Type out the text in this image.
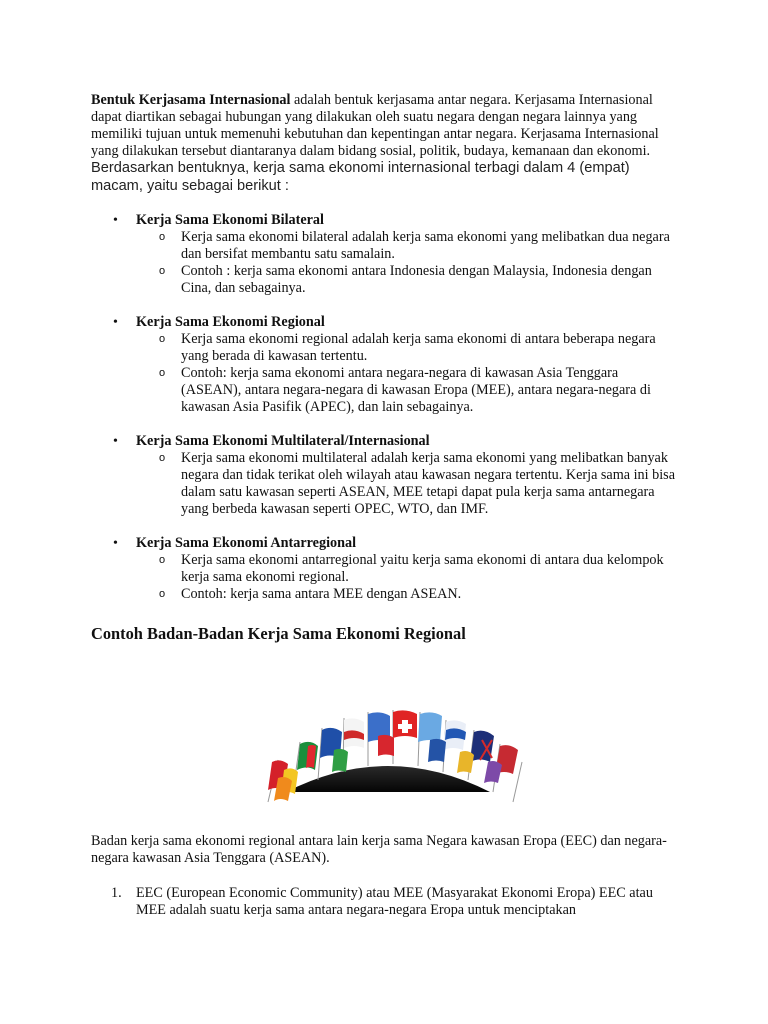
Bentuk Kerjasama Internasional adalah bentuk kerjasama antar negara. Kerjasama Internasional dapat diartikan sebagai hubungan yang dilakukan oleh suatu negara dengan negara lainnya yang memiliki tujuan untuk memenuhi kebutuhan dan kepentingan antar negara. Kerjasama Internasional yang dilakukan tersebut diantaranya dalam bidang sosial, politik, budaya, kemanaan dan ekonomi.

Berdasarkan bentuknya, kerja sama ekonomi internasional terbagi dalam 4 (empat) macam, yaitu sebagai berikut :

• Kerja Sama Ekonomi Bilateral
o Kerja sama ekonomi bilateral adalah kerja sama ekonomi yang melibatkan dua negara dan bersifat membantu satu samalain.
o Contoh : kerja sama ekonomi antara Indonesia dengan Malaysia, Indonesia dengan Cina, dan sebagainya.
• Kerja Sama Ekonomi Regional
o Kerja sama ekonomi regional adalah kerja sama ekonomi di antara beberapa negara yang berada di kawasan tertentu.
o Contoh: kerja sama ekonomi antara negara-negara di kawasan Asia Tenggara (ASEAN), antara negara-negara di kawasan Eropa (MEE), antara negara-negara di kawasan Asia Pasifik (APEC), dan lain sebagainya.
• Kerja Sama Ekonomi Multilateral/Internasional
o Kerja sama ekonomi multilateral adalah kerja sama ekonomi yang melibatkan banyak negara dan tidak terikat oleh wilayah atau kawasan negara tertentu. Kerja sama ini bisa dalam satu kawasan seperti ASEAN, MEE tetapi dapat pula kerja sama antarnegara yang berbeda kawasan seperti OPEC, WTO, dan IMF.
• Kerja Sama Ekonomi Antarregional
o Kerja sama ekonomi antarregional yaitu kerja sama ekonomi di antara dua kelompok kerja sama ekonomi regional.
o Contoh: kerja sama antara MEE dengan ASEAN.
Contoh Badan-Badan Kerja Sama Ekonomi Regional

Badan kerja sama ekonomi regional antara lain kerja sama Negara kawasan Eropa (EEC) dan negara-negara kawasan Asia Tenggara (ASEAN).

1. EEC (European Economic Community) atau MEE (Masyarakat Ekonomi Eropa) EEC atau MEE adalah suatu kerja sama antara negara-negara Eropa untuk menciptakan
